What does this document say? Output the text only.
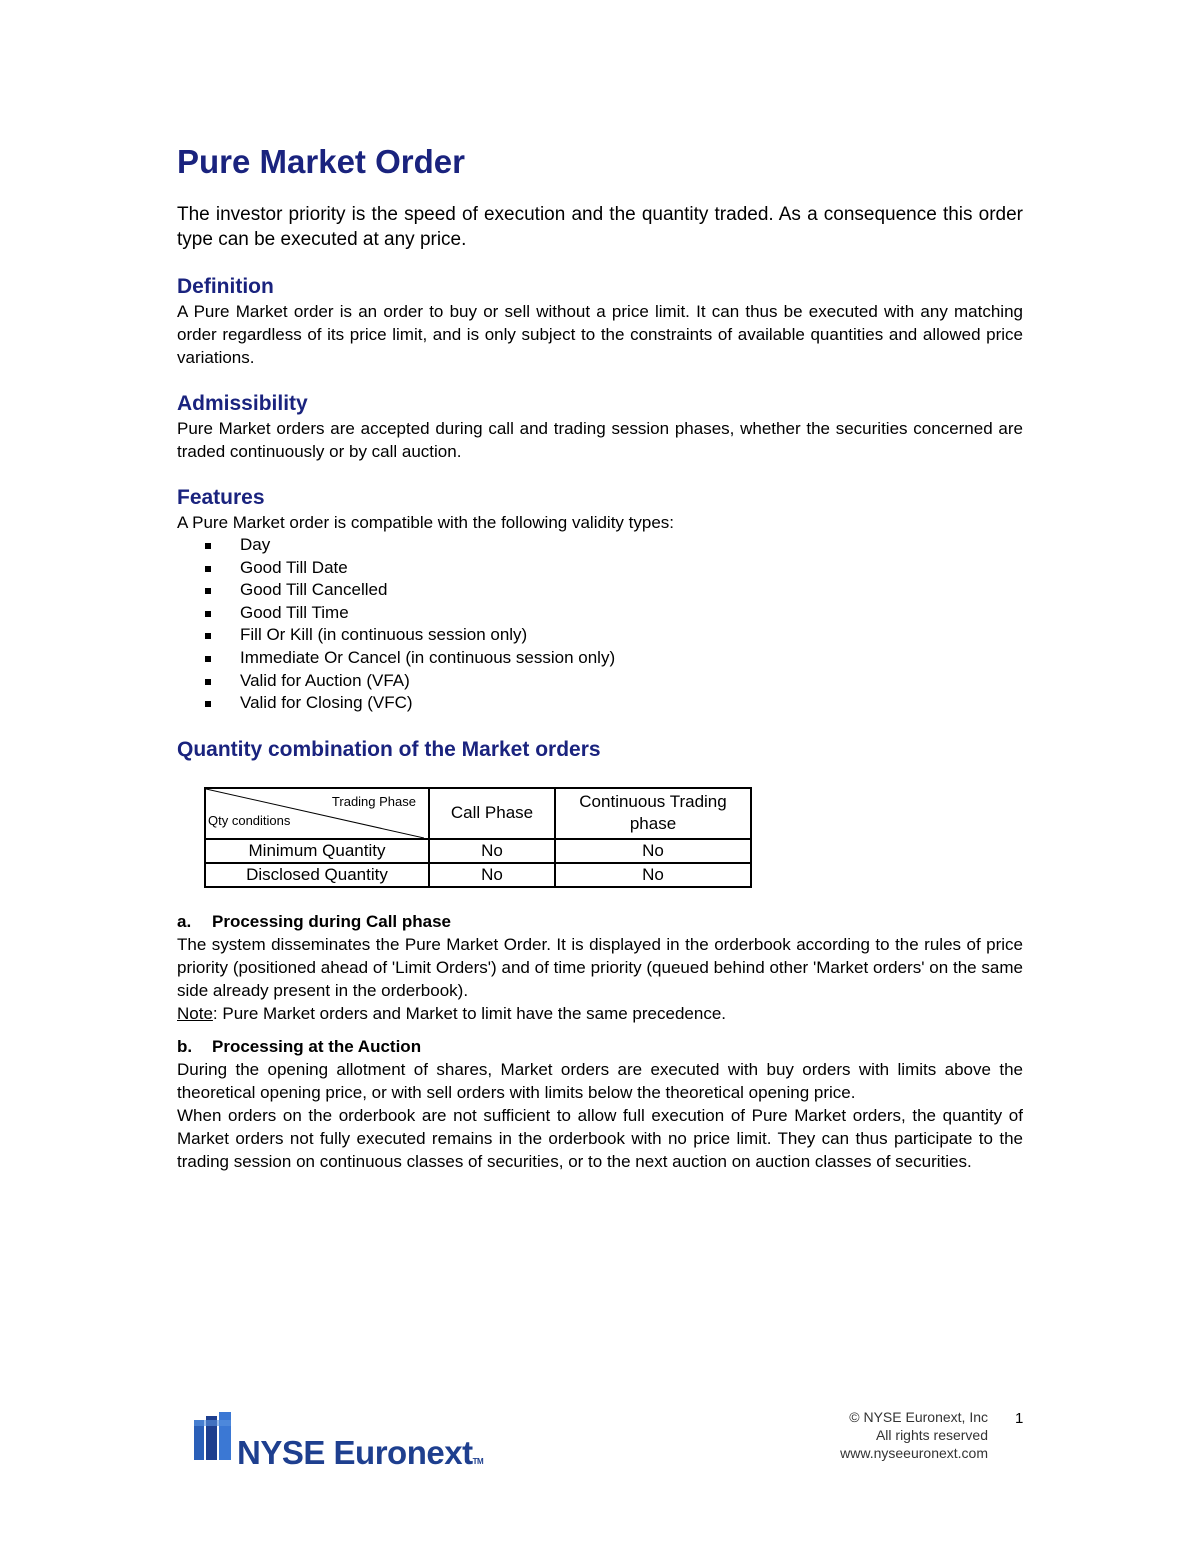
Pure Market Order

The investor priority is the speed of execution and the quantity traded. As a consequence this order type can be executed at any price.

Definition

A Pure Market order is an order to buy or sell without a price limit. It can thus be executed with any matching order regardless of its price limit, and is only subject to the constraints of available quantities and allowed price variations.

Admissibility

Pure Market orders are accepted during call and trading session phases, whether the securities concerned are traded continuously or by call auction.

Features

A Pure Market order is compatible with the following validity types:

Day
Good Till Date
Good Till Cancelled
Good Till Time
Fill Or Kill (in continuous session only)
Immediate Or Cancel (in continuous session only)
Valid for Auction (VFA)
Valid for Closing (VFC)
Quantity combination of the Market orders
Trading Phase
Qty conditions	Call Phase	Continuous Trading phase
Minimum Quantity	No	No
Disclosed Quantity	No	No
a. Processing during Call phase

The system disseminates the Pure Market Order. It is displayed in the orderbook according to the rules of price priority (positioned ahead of 'Limit Orders') and of time priority (queued behind other 'Market orders' on the same side already present in the orderbook).

Note: Pure Market orders and Market to limit have the same precedence.

b. Processing at the Auction

During the opening allotment of shares, Market orders are executed with buy orders with limits above the theoretical opening price, or with sell orders with limits below the theoretical opening price.

When orders on the orderbook are not sufficient to allow full execution of Pure Market orders, the quantity of Market orders not fully executed remains in the orderbook with no price limit. They can thus participate to the trading session on continuous classes of securities, or to the next auction on auction classes of securities.

NYSE EuronextTM
© NYSE Euronext, Inc
All rights reserved
www.nyseeuronext.com
1
